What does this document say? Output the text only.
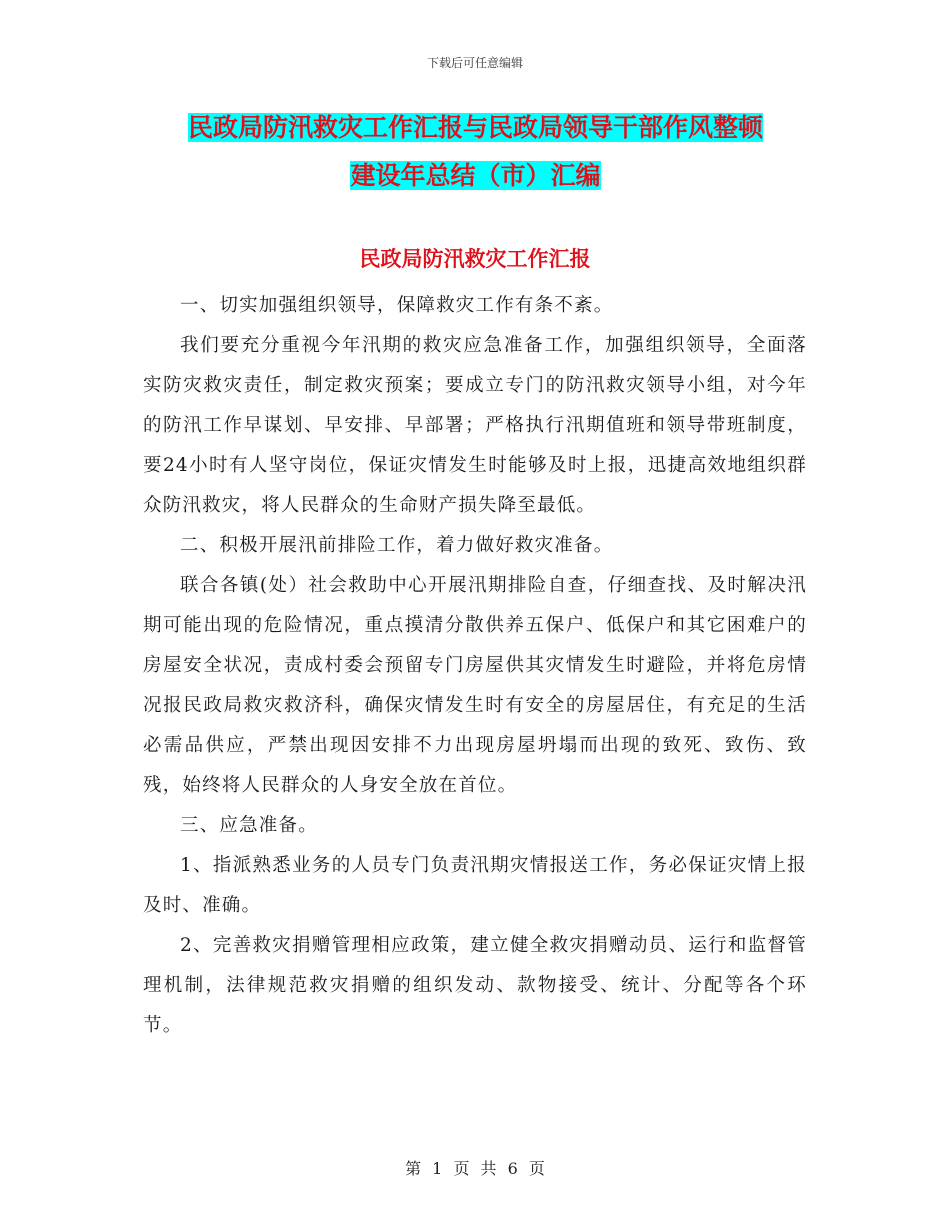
下载后可任意编辑
民政局防汛救灾工作汇报与民政局领导干部作风整顿
建设年总结（市）汇编
民政局防汛救灾工作汇报

一、切实加强组织领导，保障救灾工作有条不紊。

我们要充分重视今年汛期的救灾应急准备工作，加强组织领导，全面落实防灾救灾责任，制定救灾预案；要成立专门的防汛救灾领导小组，对今年的防汛工作早谋划、早安排、早部署；严格执行汛期值班和领导带班制度，要24小时有人坚守岗位，保证灾情发生时能够及时上报，迅捷高效地组织群众防汛救灾，将人民群众的生命财产损失降至最低。

二、积极开展汛前排险工作，着力做好救灾准备。

联合各镇(处）社会救助中心开展汛期排险自查，仔细查找、及时解决汛期可能出现的危险情况，重点摸清分散供养五保户、低保户和其它困难户的房屋安全状况，责成村委会预留专门房屋供其灾情发生时避险，并将危房情况报民政局救灾救济科，确保灾情发生时有安全的房屋居住，有充足的生活必需品供应，严禁出现因安排不力出现房屋坍塌而出现的致死、致伤、致残，始终将人民群众的人身安全放在首位。

三、应急准备。

1、指派熟悉业务的人员专门负责汛期灾情报送工作，务必保证灾情上报及时、准确。

2、完善救灾捐赠管理相应政策，建立健全救灾捐赠动员、运行和监督管理机制，法律规范救灾捐赠的组织发动、款物接受、统计、分配等各个环节。

第 1 页 共 6 页
